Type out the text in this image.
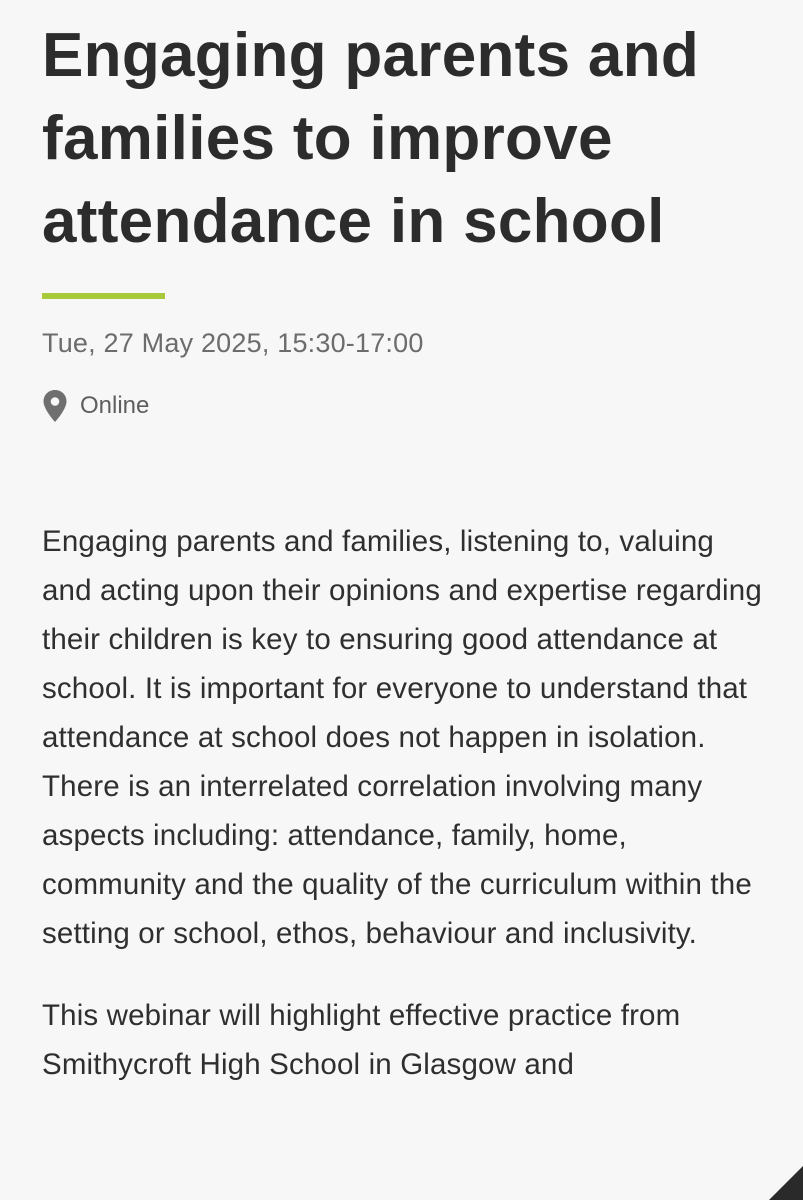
Engaging parents and families to improve attendance in school
Tue, 27 May 2025, 15:30-17:00
Online

Engaging parents and families, listening to, valuing and acting upon their opinions and expertise regarding their children is key to ensuring good attendance at school. It is important for everyone to understand that attendance at school does not happen in isolation. There is an interrelated correlation involving many aspects including: attendance, family, home, community and the quality of the curriculum within the setting or school, ethos, behaviour and inclusivity.

This webinar will highlight effective practice from Smithycroft High School in Glasgow and
